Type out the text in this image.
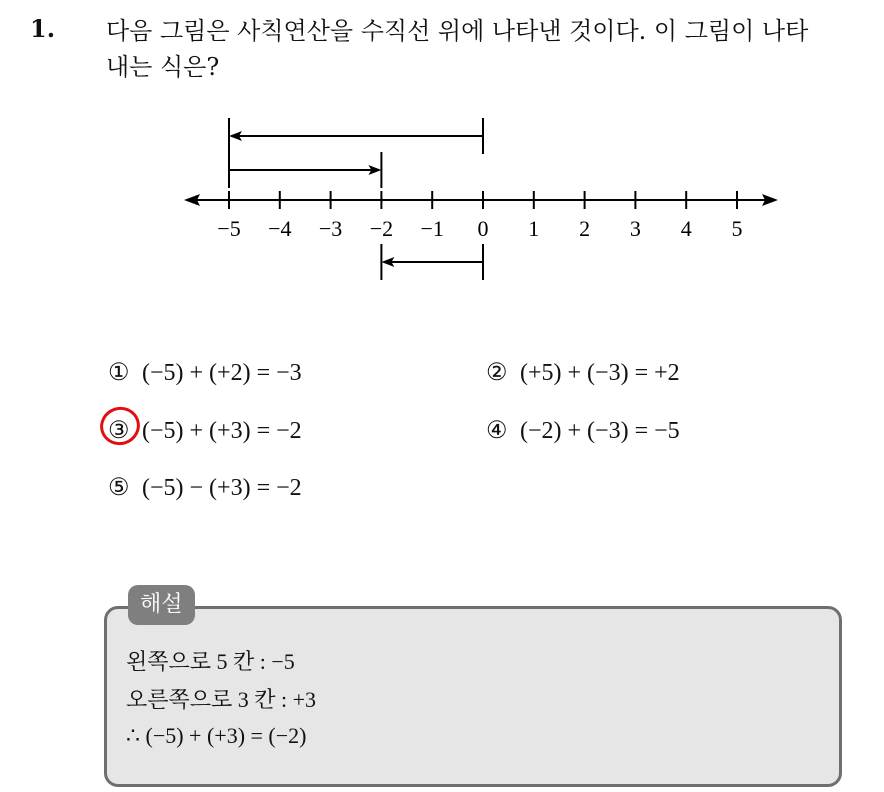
1. 다음 그림은 사칙연산을 수직선 위에 나타낸 것이다. 이 그림이 나타
내는 식은?
−5 −4 −3 −2 −1 0 1 2 3 4 5
① (−5) + (+2) = −3	② (+5) + (−3) = +2
③ (−5) + (+3) = −2	④ (−2) + (−3) = −5
⑤ (−5) − (+3) = −2
해설
왼쪽으로 5 칸 : −5
오른쪽으로 3 칸 : +3
∴ (−5) + (+3) = (−2)
